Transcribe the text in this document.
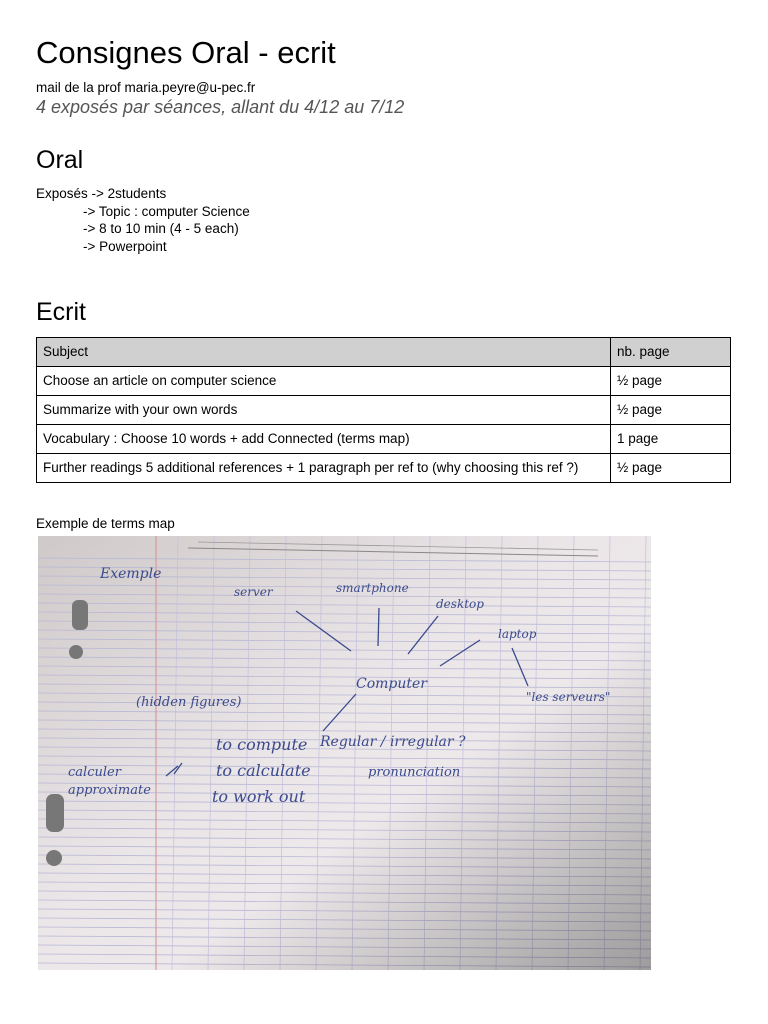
Consignes Oral - ecrit
mail de la prof maria.peyre@u-pec.fr
4 exposés par séances, allant du 4/12 au 7/12
Oral
Exposés -> 2students
-> Topic : computer Science
-> 8 to 10 min (4 - 5 each)
-> Powerpoint
Ecrit
Subject	nb. page
Choose an article on computer science	½ page
Summarize with your own words	½ page
Vocabulary : Choose 10 words + add Connected (terms map)	1 page
Further readings 5 additional references + 1 paragraph per ref to (why choosing this ref ?)	½ page
Exemple de terms map
Exemple
server	smartphone
desktop
laptop
"les serveurs"
Computer
(hidden figures)
to compute
to calculate
to work out
Regular / irregular ?
pronunciation
calculer
approximate
